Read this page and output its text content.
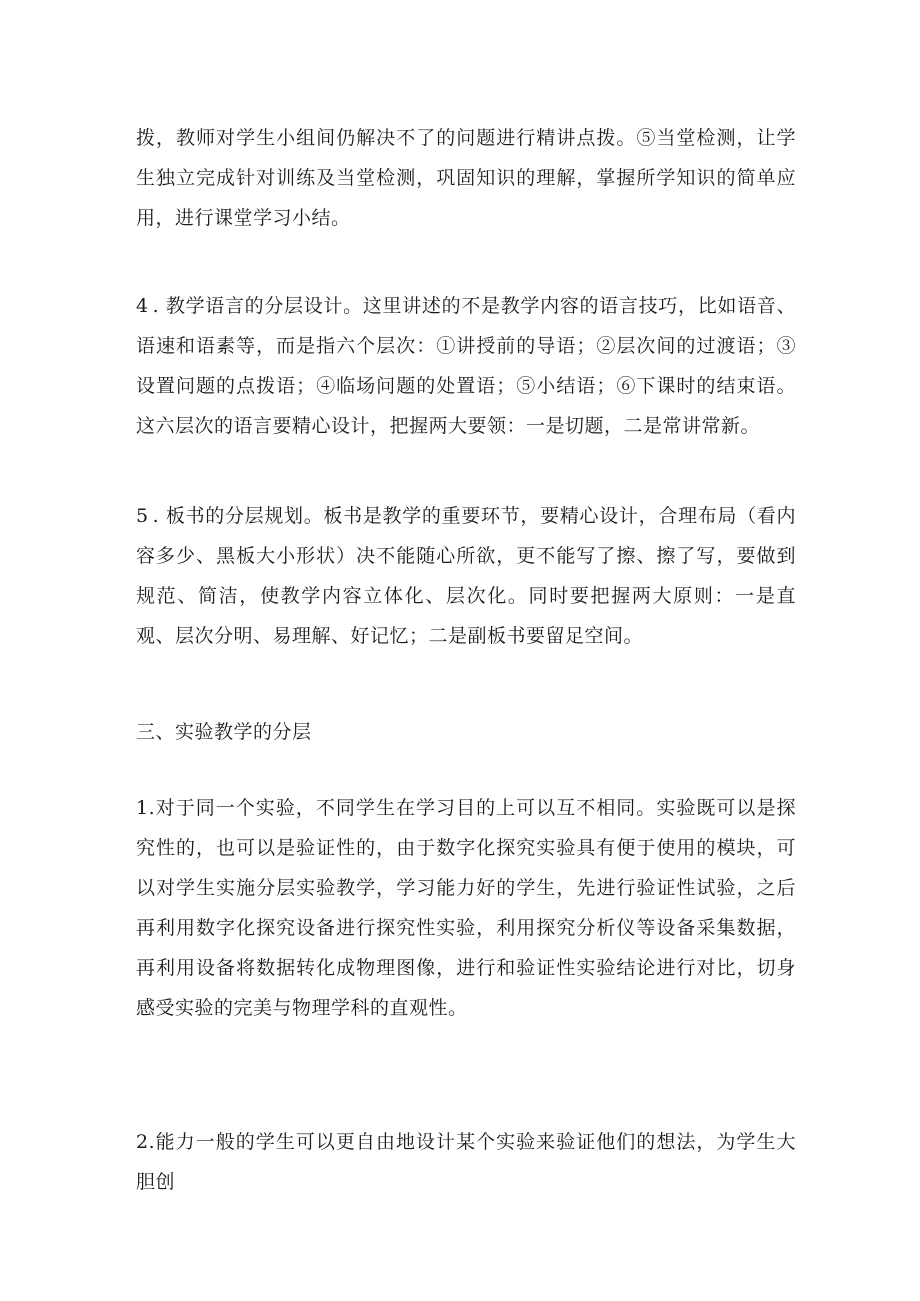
拨，教师对学生小组间仍解决不了的问题进行精讲点拨。⑤当堂检测，让学生独立完成针对训练及当堂检测，巩固知识的理解，掌握所学知识的简单应用，进行课堂学习小结。

4 . 教学语言的分层设计。这里讲述的不是教学内容的语言技巧，比如语音、语速和语素等，而是指六个层次：①讲授前的导语；②层次间的过渡语；③设置问题的点拨语；④临场问题的处置语；⑤小结语；⑥下课时的结束语。这六层次的语言要精心设计，把握两大要领：一是切题，二是常讲常新。

5 . 板书的分层规划。板书是教学的重要环节，要精心设计，合理布局（看内容多少、黑板大小形状）决不能随心所欲，更不能写了擦、擦了写，要做到规范、简洁，使教学内容立体化、层次化。同时要把握两大原则：一是直观、层次分明、易理解、好记忆；二是副板书要留足空间。

三、实验教学的分层

1.对于同一个实验，不同学生在学习目的上可以互不相同。实验既可以是探究性的，也可以是验证性的，由于数字化探究实验具有便于使用的模块，可以对学生实施分层实验教学，学习能力好的学生，先进行验证性试验，之后再利用数字化探究设备进行探究性实验，利用探究分析仪等设备采集数据，再利用设备将数据转化成物理图像，进行和验证性实验结论进行对比，切身感受实验的完美与物理学科的直观性。

2.能力一般的学生可以更自由地设计某个实验来验证他们的想法，为学生大胆创
